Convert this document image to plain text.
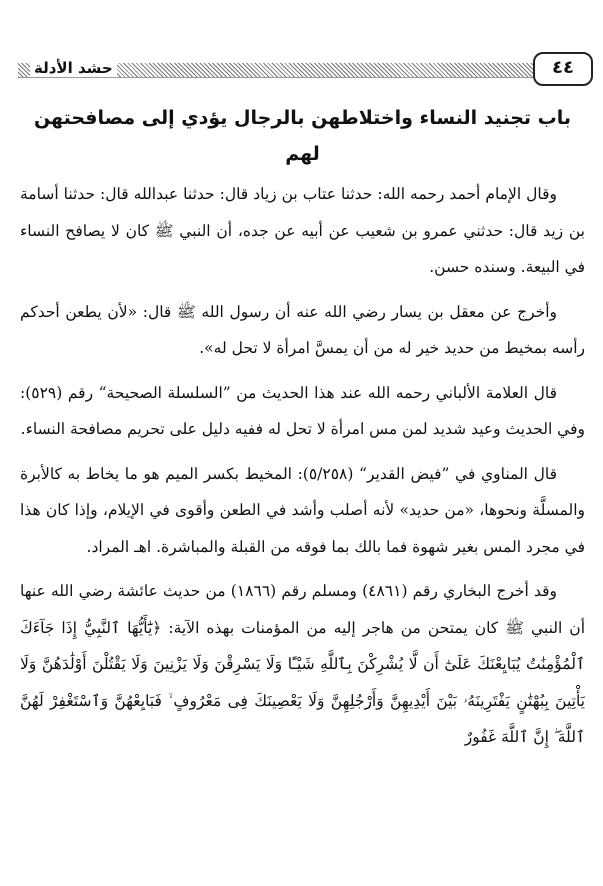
حشد الأدلة	٤٤
باب تجنيد النساء واختلاطهن بالرجال يؤدي إلى مصافحتهن لهم

وقال الإمام أحمد رحمه الله: حدثنا عتاب بن زياد قال: حدثنا عبدالله قال: حدثنا أسامة بن زيد قال: حدثني عمرو بن شعيب عن أبيه عن جده، أن النبي ﷺ كان لا يصافح النساء في البيعة. وسنده حسن.

وأخرج عن معقل بن يسار رضي الله عنه أن رسول الله ﷺ قال: «لأن يطعن أحدكم رأسه بمخيط من حديد خير له من أن يمسَّ امرأة لا تحل له».

قال العلامة الألباني رحمه الله عند هذا الحديث من ”السلسلة الصحيحة“ رقم (٥٢٩): وفي الحديث وعيد شديد لمن مس امرأة لا تحل له ففيه دليل على تحريم مصافحة النساء.

قال المناوي في ”فيض القدير“ (٥/٢٥٨): المخيط بكسر الميم هو ما يخاط به كالأبرة والمسلَّة ونحوها، «من حديد» لأنه أصلب وأشد في الطعن وأقوى في الإيلام، وإذا كان هذا في مجرد المس بغير شهوة فما بالك بما فوقه من القبلة والمباشرة. اهـ المراد.

وقد أخرج البخاري رقم (٤٨٦١) ومسلم رقم (١٨٦٦) من حديث عائشة رضي الله عنها أن النبي ﷺ كان يمتحن من هاجر إليه من المؤمنات بهذه الآية: ﴿يَٰٓأَيُّهَا ٱلنَّبِيُّ إِذَا جَآءَكَ ٱلْمُؤْمِنَٰتُ يُبَايِعْنَكَ عَلَىٰٓ أَن لَّا يُشْرِكْنَ بِٱللَّهِ شَيْـًٔا وَلَا يَسْرِقْنَ وَلَا يَزْنِينَ وَلَا يَقْتُلْنَ أَوْلَٰدَهُنَّ وَلَا يَأْتِينَ بِبُهْتَٰنٍ يَفْتَرِينَهُۥ بَيْنَ أَيْدِيهِنَّ وَأَرْجُلِهِنَّ وَلَا يَعْصِينَكَ فِى مَعْرُوفٍ ۙ فَبَايِعْهُنَّ وَٱسْتَغْفِرْ لَهُنَّ ٱللَّهَ ۖ إِنَّ ٱللَّهَ غَفُورٌ
